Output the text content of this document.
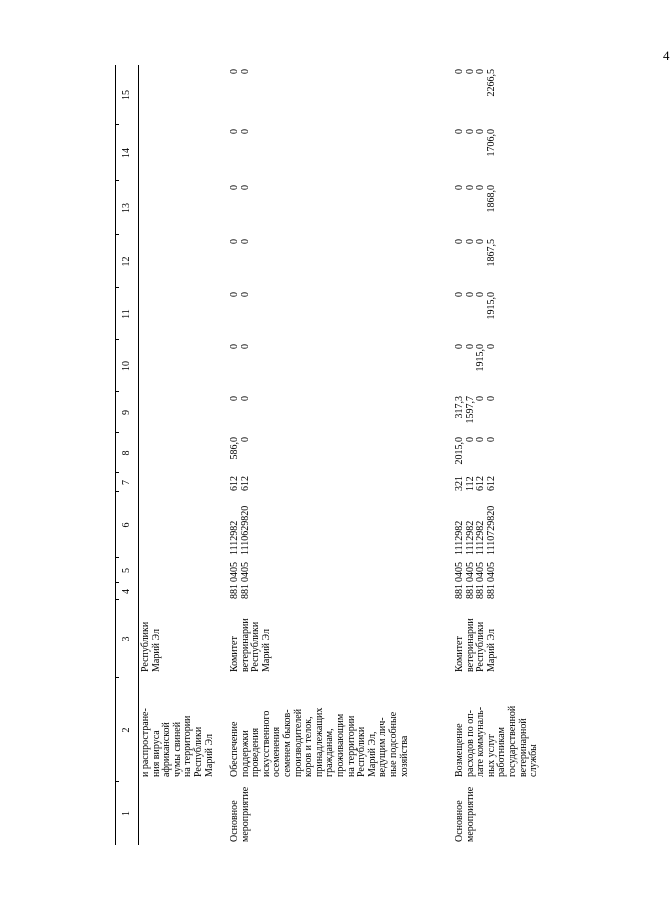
4
1
2
3
4
5
6
7
8
9
10
11
12
13
14
15
и распростране- ния вируса африканской чумы свиней на территории Республики Марий Эл
Республики Марий Эл
Основное мероприятие
Обеспечение поддержки проведения искусственного осеменения семенем быков- производителей коров и телок, принадлежащих гражданам, проживающим на территории Республики Марий Эл, ведущим лич- ные подсобные хозяйства
Комитет ветеринарии Республики Марий Эл
881 881
0405 0405
1112982 1110629820
612 612
586,0 0
0 0
0 0
0 0
0 0
0 0
0 0
0 0
Основное мероприятие
Возмещение расходов по оп- лате коммуналь- ных услуг работникам государственной ветеринарной службы
Комитет ветеринарии Республики Марий Эл
881 881 881 881
0405 0405 0405 0405
1112982 1112982 1112982 1110729820
321 112 612 612
2015,0 0 0 0
317,3 1597,7 0 0
0 0 1915,0 0
0 0 0 1915,0
0 0 0 1867,5
0 0 0 1868,0
0 0 0 1706,0
0 0 0 2266,5
